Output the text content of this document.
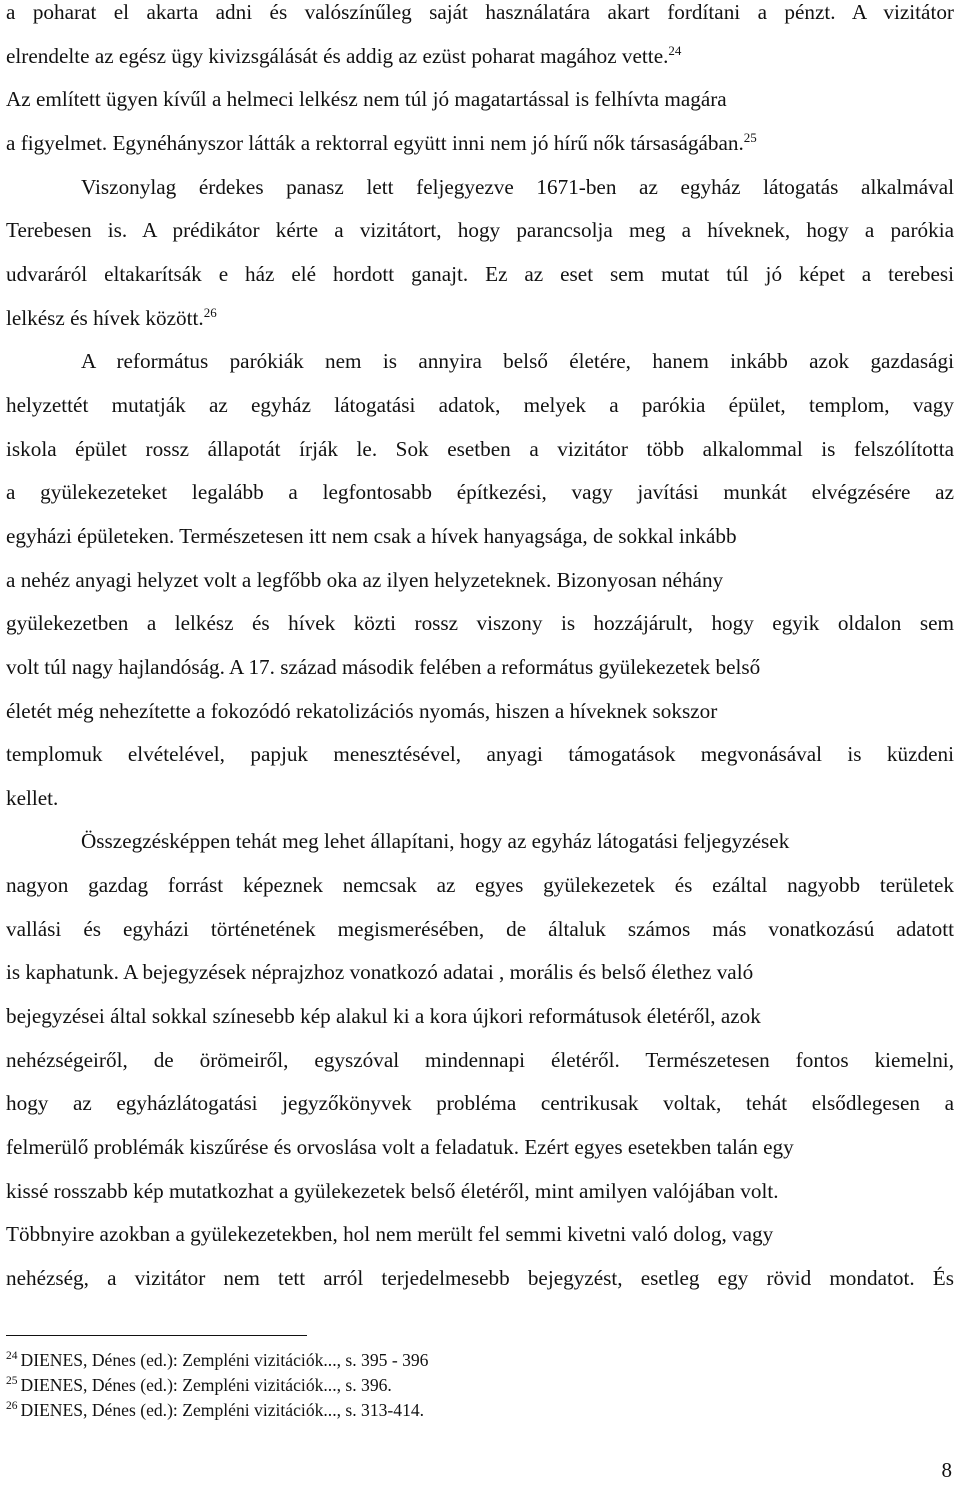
a poharat el akarta adni és valószínűleg saját használatára akart fordítani a pénzt. A vizitátor
elrendelte az egész ügy kivizsgálását és addig az ezüst poharat magához vette.$^{24}$
Az említett ügyen kívűl a helmeci lelkész nem túl jó magatartással is felhívta magára
a figyelmet. Egynéhányszor látták a rektorral együtt inni nem jó hírű nők társaságában.$^{25}$
Viszonylag érdekes panasz lett feljegyezve 1671-ben az egyház látogatás alkalmával
Terebesen is. A prédikátor kérte a vizitátort, hogy parancsolja meg a híveknek, hogy a parókia
udvaráról eltakarítsák e ház elé hordott ganajt. Ez az eset sem mutat túl jó képet a terebesi
lelkész és hívek között.$^{26}$
A református parókiák nem is annyira belső életére, hanem inkább azok gazdasági
helyzettét mutatják az egyház látogatási adatok, melyek a parókia épület, templom, vagy
iskola épület rossz állapotát írják le. Sok esetben a vizitátor több alkalommal is felszólította
a gyülekezeteket legalább a legfontosabb építkezési, vagy javítási munkát elvégzésére az
egyházi épületeken. Természetesen itt nem csak a hívek hanyagsága, de sokkal inkább
a nehéz anyagi helyzet volt a legfőbb oka az ilyen helyzeteknek. Bizonyosan néhány
gyülekezetben a lelkész és hívek közti rossz viszony is hozzájárult, hogy egyik oldalon sem
volt túl nagy hajlandóság. A 17. század második felében a református gyülekezetek belső
életét még nehezítette a fokozódó rekatolizációs nyomás, hiszen a híveknek sokszor
templomuk elvételével, papjuk menesztésével, anyagi támogatások megvonásával is küzdeni
kellet.
Összegzésképpen tehát meg lehet állapítani, hogy az egyház látogatási feljegyzések
nagyon gazdag forrást képeznek nemcsak az egyes gyülekezetek és ezáltal nagyobb területek
vallási és egyházi történetének megismerésében, de általuk számos más vonatkozású adatott
is kaphatunk. A bejegyzések néprajzhoz vonatkozó adatai , morális és belső élethez való
bejegyzései által sokkal színesebb kép alakul ki a kora újkori reformátusok életéről, azok
nehézségeiről, de örömeiről, egyszóval mindennapi életéről. Természetesen fontos kiemelni,
hogy az egyházlátogatási jegyzőkönyvek probléma centrikusak voltak, tehát elsődlegesen a
felmerülő problémák kiszűrése és orvoslása volt a feladatuk. Ezért egyes esetekben talán egy
kissé rosszabb kép mutatkozhat a gyülekezetek belső életéről, mint amilyen valójában volt.
Többnyire azokban a gyülekezetekben, hol nem merült fel semmi kivetni való dolog, vagy
nehézség, a vizitátor nem tett arról terjedelmesebb bejegyzést, esetleg egy rövid mondatot. És
$^{24}$ DIENES, Dénes (ed.): Zempléni vizitációk..., s. 395 - 396
$^{25}$ DIENES, Dénes (ed.): Zempléni vizitációk..., s. 396.
$^{26}$ DIENES, Dénes (ed.): Zempléni vizitációk..., s. 313-414.
8
